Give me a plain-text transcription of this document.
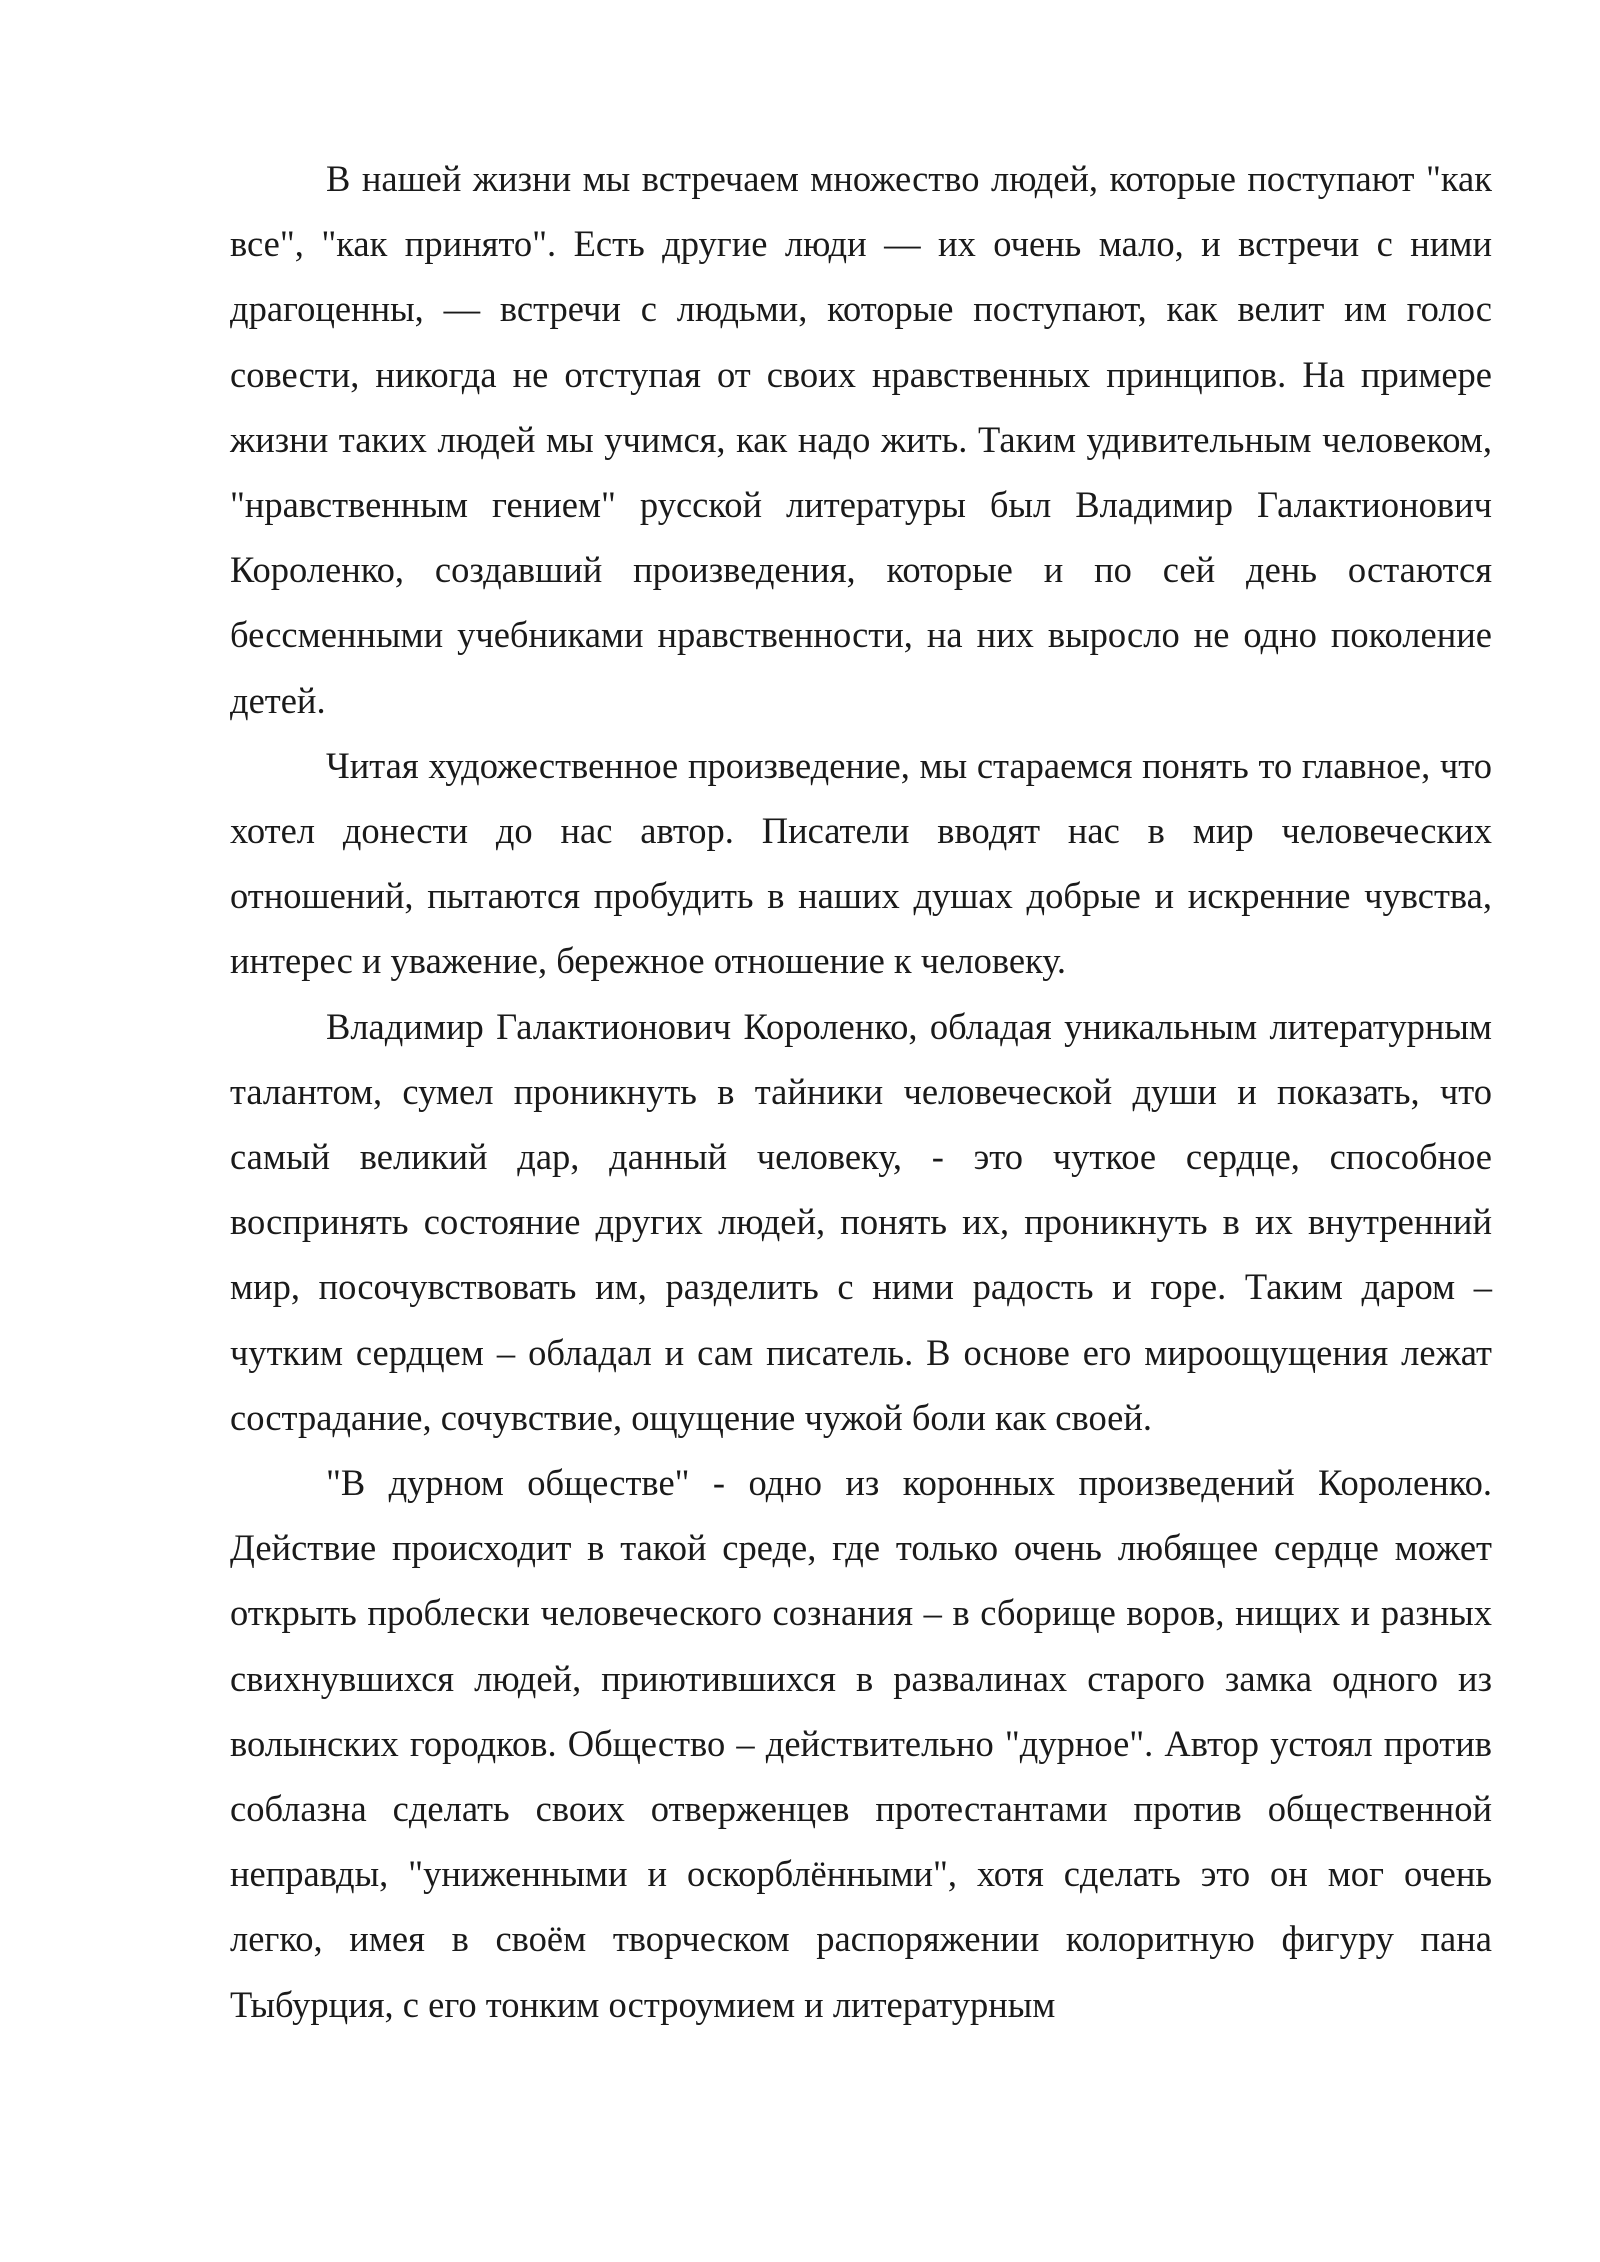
В нашей жизни мы встречаем множество людей, которые поступают "как все", "как принято". Есть другие люди — их очень мало, и встречи с ними драгоценны, — встречи с людьми, которые поступают, как велит им голос совести, никогда не отступая от своих нравственных принципов. На примере жизни таких людей мы учимся, как надо жить. Таким удивительным человеком, "нравственным гением" русской литературы был Владимир Галактионович Короленко, создавший произведения, которые и по сей день остаются бессменными учебниками нравственности, на них выросло не одно поколение детей.

Читая художественное произведение, мы стараемся понять то главное, что хотел донести до нас автор. Писатели вводят нас в мир человеческих отношений, пытаются пробудить в наших душах добрые и искренние чувства, интерес и уважение, бережное отношение к человеку.

Владимир Галактионович Короленко, обладая уникальным литературным талантом, сумел проникнуть в тайники человеческой души и показать, что самый великий дар, данный человеку, - это чуткое сердце, способное воспринять состояние других людей, понять их, проникнуть в их внутренний мир, посочувствовать им, разделить с ними радость и горе. Таким даром – чутким сердцем – обладал и сам писатель. В основе его мироощущения лежат сострадание, сочувствие, ощущение чужой боли как своей.

"В дурном обществе" - одно из коронных произведений Короленко. Действие происходит в такой среде, где только очень любящее сердце может открыть проблески человеческого сознания – в сборище воров, нищих и разных свихнувшихся людей, приютившихся в развалинах старого замка одного из волынских городков. Общество – действительно "дурное". Автор устоял против соблазна сделать своих отверженцев протестантами против общественной неправды, "униженными и оскорблёнными", хотя сделать это он мог очень легко, имея в своём творческом распоряжении колоритную фигуру пана Тыбурция, с его тонким остроумием и литературным
